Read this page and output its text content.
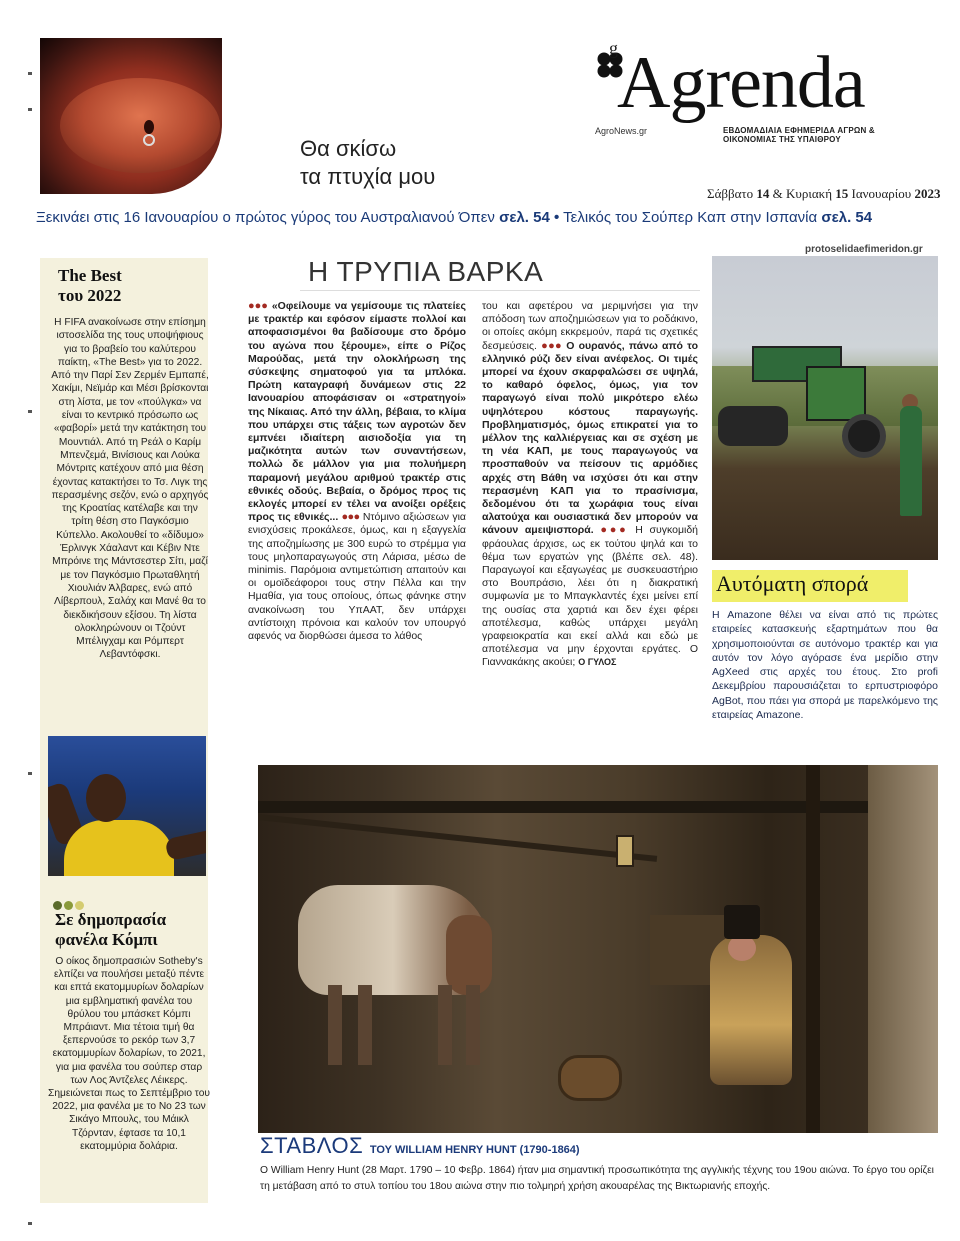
Θα σκίσω
τα πτυχία μου
g Agrenda
AgroNews.gr	ΕΒΔΟΜΑΔΙΑΙΑ ΕΦΗΜΕΡΙΔΑ ΑΓΡΩΝ & ΟΙΚΟΝΟΜΙΑΣ ΤΗΣ ΥΠΑΙΘΡΟΥ
Σάββατο 14 & Κυριακή 15 Ιανουαρίου 2023
Ξεκινάει στις 16 Ιανουαρίου ο πρώτος γύρος του Αυστραλιανού Όπεν σελ. 54 • Τελικός του Σούπερ Καπ στην Ισπανία σελ. 54
protoselidaefimeridon.gr
The Best
του 2022
Η FIFA ανακοίνωσε στην επίσημη ιστοσελίδα της τους υποψήφιους για το βραβείο του καλύτερου παίκτη, «The Best» για το 2022. Από την Παρί Σεν Ζερμέν Εμπαπέ, Χακίμι, Νεϊμάρ και Μέσι βρίσκονται στη λίστα, με τον «πούλγκα» να είναι το κεντρικό πρόσωπο ως «φαβορί» μετά την κατάκτηση του Μουντιάλ. Από τη Ρεάλ ο Καρίμ Μπενζεμά, Βινίσιους και Λούκα Μόντριτς κατέχουν από μια θέση έχοντας κατακτήσει το Τσ. Λιγκ της περασμένης σεζόν, ενώ ο αρχηγός της Κροατίας κατέλαβε και την τρίτη θέση στο Παγκόσμιο Κύπελλο. Ακολουθεί το «δίδυμο» Έρλινγκ Χάαλαντ και Κέβιν Ντε Μπρόινε της Μάντσεστερ Σίτι, μαζί με τον Παγκόσμιο Πρωταθλητή Χιουλιάν Άλβαρες, ενώ από Λίβερπουλ, Σαλάχ και Μανέ θα το διεκδικήσουν εξίσου. Τη λίστα ολοκληρώνουν οι Τζούντ Μπέλιγχαμ και Ρόμπερτ Λεβαντόφσκι.
Σε δημοπρασία
φανέλα Κόμπι
Ο οίκος δημοπρασιών Sotheby's ελπίζει να πουλήσει μεταξύ πέντε και επτά εκατομμυρίων δολαρίων μια εμβληματική φανέλα του θρύλου του μπάσκετ Κόμπι Μπράιαντ. Μια τέτοια τιμή θα ξεπερνούσε το ρεκόρ των 3,7 εκατομμυρίων δολαρίων, το 2021, για μια φανέλα του σούπερ σταρ των Λος Άντζελες Λέικερς. Σημειώνεται πως το Σεπτέμβριο του 2022, μια φανέλα με το Νο 23 των Σικάγο Μπουλς, του Μάικλ Τζόρνταν, έφτασε τα 10,1 εκατομμύρια δολάρια.
Η ΤΡΥΠΙΑ ΒΑΡΚΑ
●●● «Οφείλουμε να γεμίσουμε τις πλατείες με τρακτέρ και εφόσον είμαστε πολλοί και αποφασισμένοι θα βαδίσουμε στο δρόμο του αγώνα που ξέρουμε», είπε ο Ρίζος Μαρούδας, μετά την ολοκλήρωση της σύσκεψης σηματοφού για τα μπλόκα. Πρώτη καταγραφή δυνάμεων στις 22 Ιανουαρίου αποφάσισαν οι «στρατηγοί» της Νίκαιας. Από την άλλη, βέβαια, το κλίμα που υπάρχει στις τάξεις των αγροτών δεν εμπνέει ιδιαίτερη αισιοδοξία για τη μαζικότητα αυτών των συναντήσεων, πολλώ δε μάλλον για μια πολυήμερη παραμονή μεγάλου αριθμού τρακτέρ στις εθνικές οδούς. Βεβαία, ο δρόμος προς τις εκλογές μπορεί εν τέλει να ανοίξει ορέξεις προς τις εθνικές... ●●● Ντόμινο αξιώσεων για ενισχύσεις προκάλεσε, όμως, και η εξαγγελία της αποζημίωσης με 300 ευρώ το στρέμμα για τους μηλοπαραγωγούς στη Λάρισα, μέσω de minimis. Παρόμοια αντιμετώπιση απαιτούν και οι ομοϊδεάφοροι τους στην Πέλλα και την Ημαθία, για τους οποίους, όπως φάνηκε στην ανακοίνωση του ΥπΑΑΤ, δεν υπάρχει αντίστοιχη πρόνοια και καλούν τον υπουργό αφενός να διορθώσει άμεσα το λάθος
του και αφετέρου να μεριμνήσει για την απόδοση των αποζημιώσεων για το ροδάκινο, οι οποίες ακόμη εκκρεμούν, παρά τις σχετικές δεσμεύσεις. ●●● Ο ουρανός, πάνω από το ελληνικό ρύζι δεν είναι ανέφελος. Οι τιμές μπορεί να έχουν σκαρφαλώσει σε υψηλά, το καθαρό όφελος, όμως, για τον παραγωγό είναι πολύ μικρότερο ελέω υψηλότερου κόστους παραγωγής. Προβληματισμός, όμως επικρατεί για το μέλλον της καλλιέργειας και σε σχέση με τη νέα ΚΑΠ, με τους παραγωγούς να προσπαθούν να πείσουν τις αρμόδιες αρχές στη Βάθη να ισχύσει ότι και στην περασμένη ΚΑΠ για το πρασίνισμα, δεδομένου ότι τα χωράφια τους είναι αλατούχα και ουσιαστικά δεν μπορούν να κάνουν αμειψισπορά. ●●● Η συγκομιδή φράουλας άρχισε, ως εκ τούτου ψηλά και το θέμα των εργατών γης (βλέπε σελ. 48). Παραγωγοί και εξαγωγέας με συσκευαστήριο στο Βουπράσιο, λέει ότι η διακρατική συμφωνία με το Μπαγκλαντές έχει μείνει επί της ουσίας στα χαρτιά και δεν έχει φέρει αποτέλεσμα, καθώς υπάρχει μεγάλη γραφειοκρατία και εκεί αλλά και εδώ με αποτέλεσμα να μην έρχονται εργάτες. Ο Γιαννακάκης ακούει; Ο ΓΥΛΟΣ
Αυτόματη σπορά
Η Amazone θέλει να είναι από τις πρώτες εταιρείες κατασκευής εξαρτημάτων που θα χρησιμοποιούνται σε αυτόνομο τρακτέρ και για αυτόν τον λόγο αγόρασε ένα μερίδιο στην AgXeed στις αρχές του έτους. Στο profi Δεκεμβρίου παρουσιάζεται το ερπυστριοφόρο AgBot, που πάει για σπορά με παρελκόμενο της εταιρείας Amazone.
ΣΤΑΒΛΟΣ ΤΟΥ WILLIAM HENRY HUNT (1790-1864)
Ο William Henry Hunt (28 Μαρτ. 1790 – 10 Φεβρ. 1864) ήταν μια σημαντική προσωπικότητα της αγγλικής τέχνης του 19ου αιώνα. Το έργο του ορίζει τη μετάβαση από το στυλ τοπίου του 18ου αιώνα στην πιο τολμηρή χρήση ακουαρέλας της Βικτωριανής εποχής.
